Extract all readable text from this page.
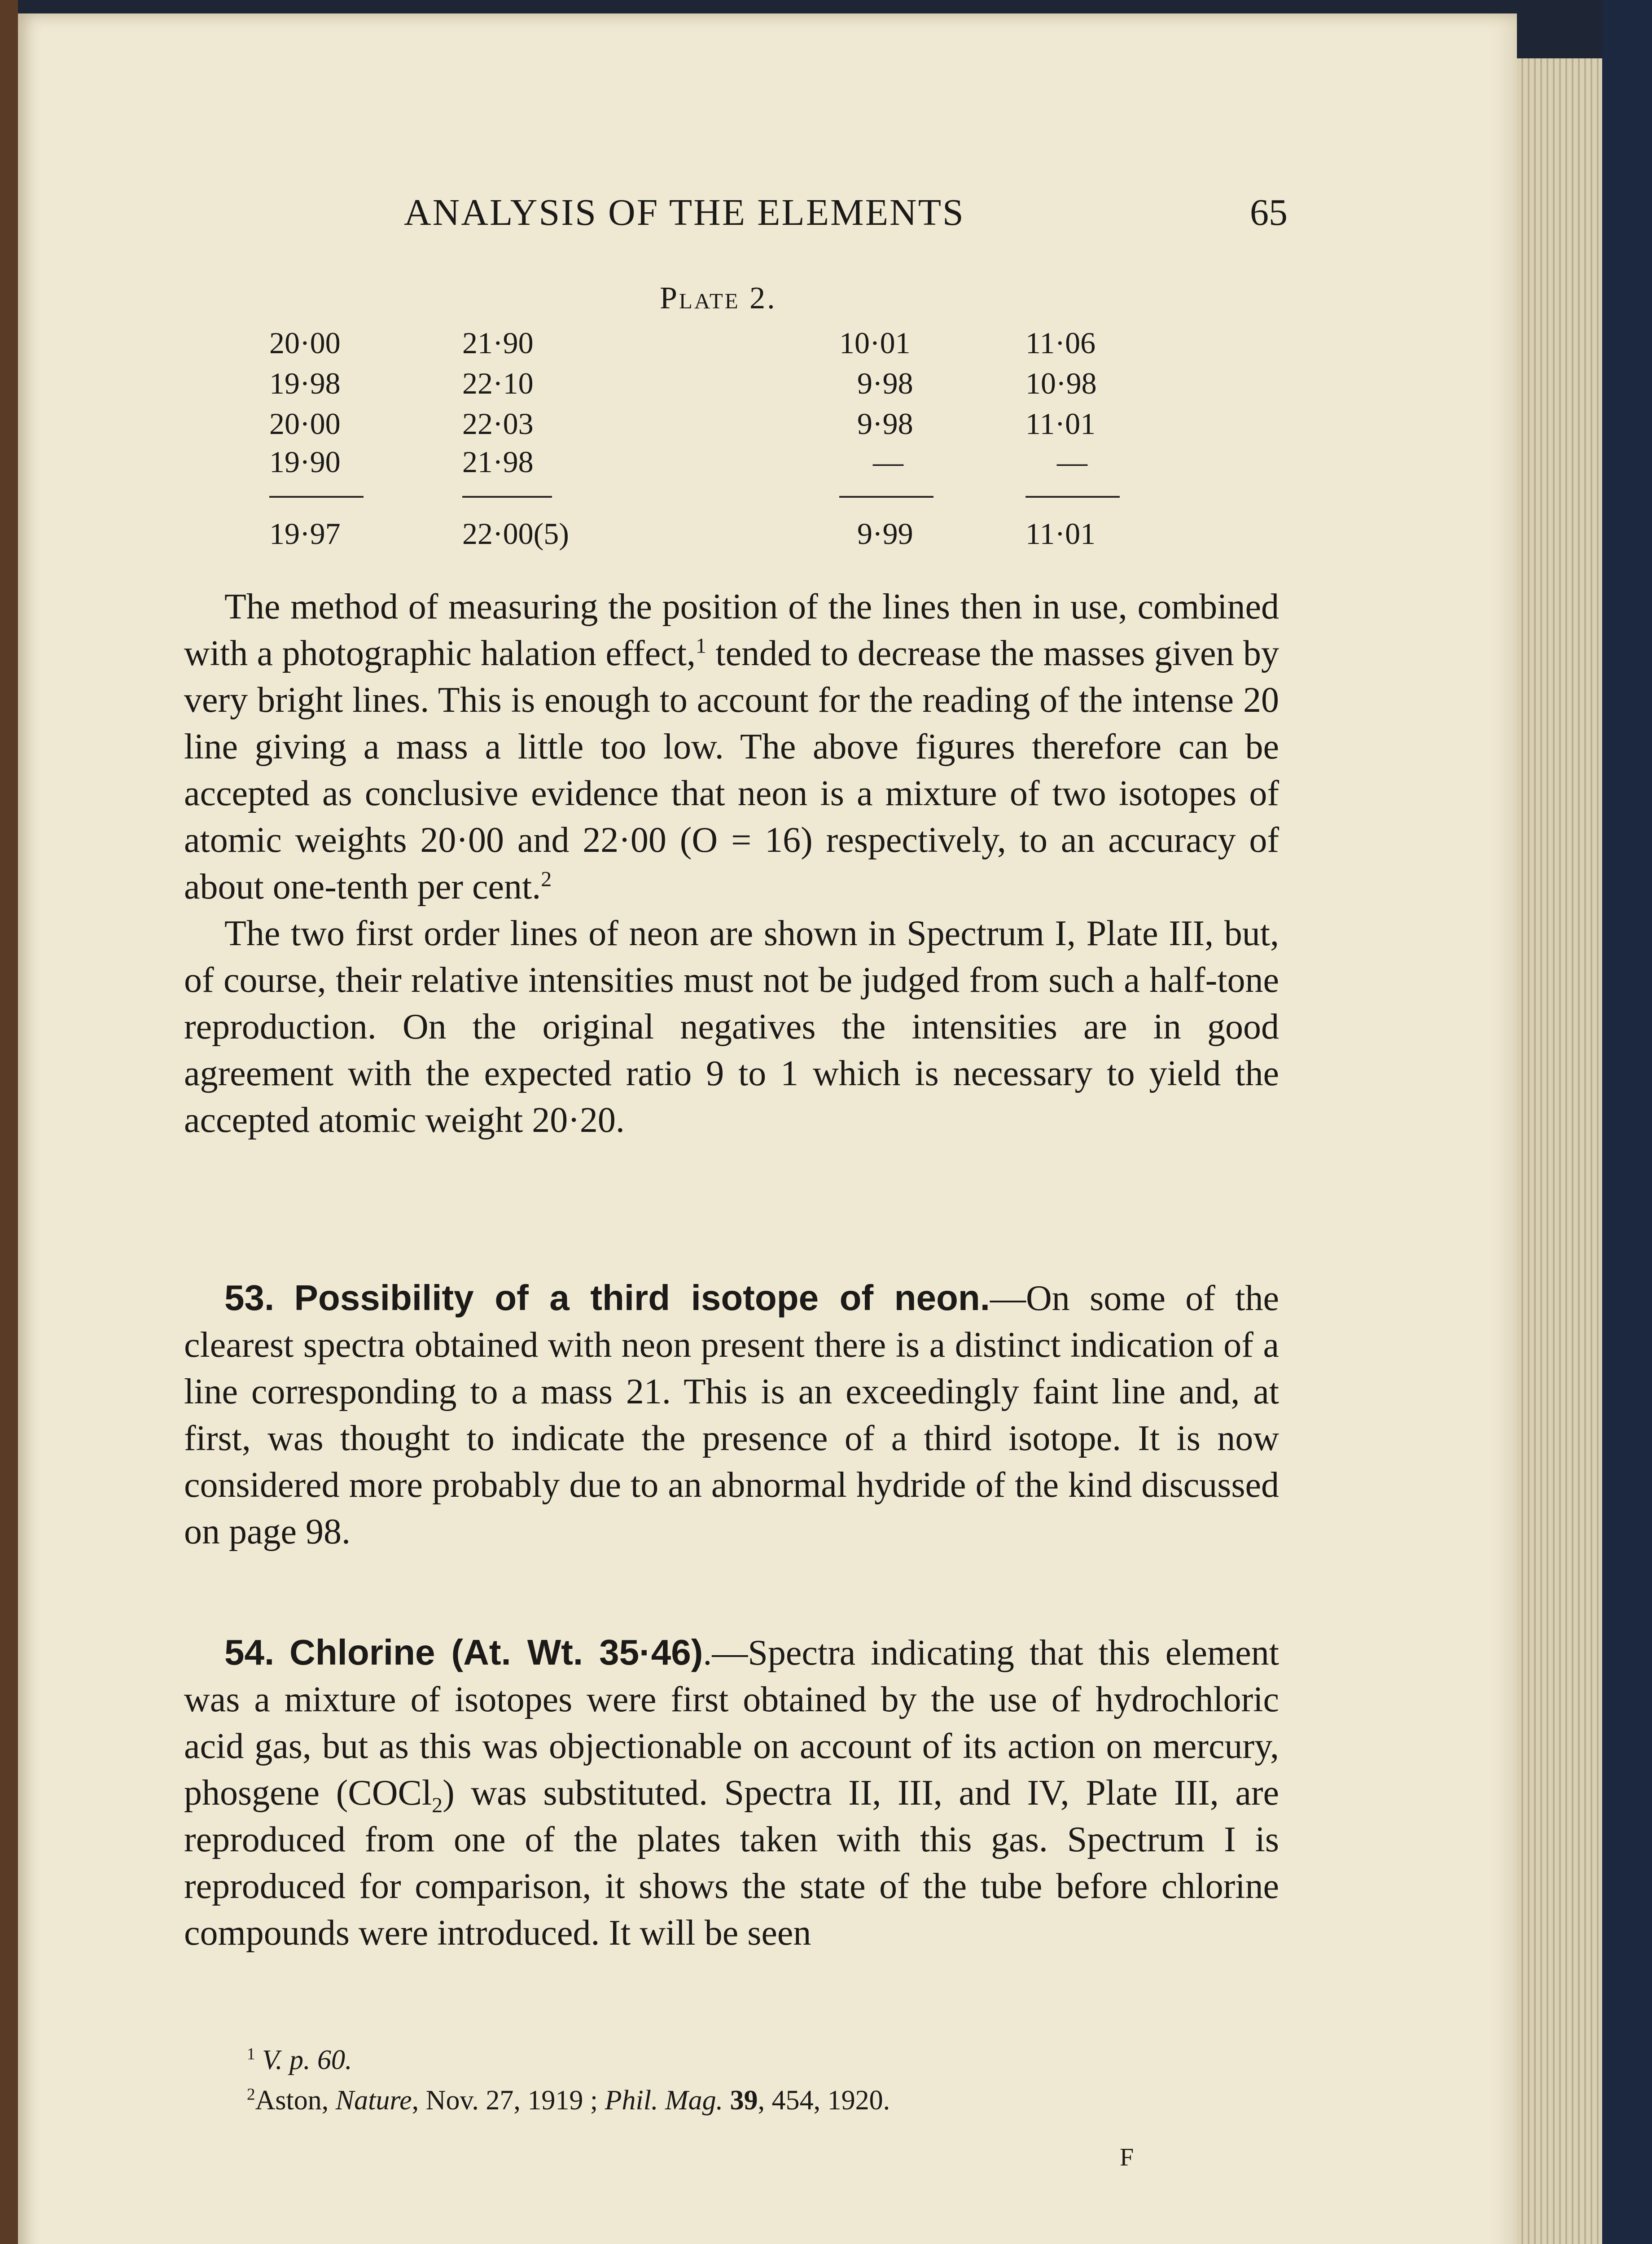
ANALYSIS OF THE ELEMENTS	65
Plate 2.
20·00	21·90	10·01	11·06
19·98	22·10	9·98	10·98
20·00	22·03	9·98	11·01
19·90	21·98	—	—
19·97	22·00(5)	9·99	11·01

The method of measuring the position of the lines then in use, combined with a photographic halation effect,$^1$ tended to decrease the masses given by very bright lines. This is enough to account for the reading of the intense 20 line giving a mass a little too low. The above figures therefore can be accepted as conclusive evidence that neon is a mixture of two isotopes of atomic weights 20·00 and 22·00 (O = 16) respectively, to an accuracy of about one-tenth per cent.$^2$

The two first order lines of neon are shown in Spectrum I, Plate III, but, of course, their relative intensities must not be judged from such a half-tone reproduction. On the original negatives the intensities are in good agreement with the expected ratio 9 to 1 which is necessary to yield the accepted atomic weight 20·20.

53. Possibility of a third isotope of neon.—On some of the clearest spectra obtained with neon present there is a distinct indication of a line corresponding to a mass 21. This is an exceedingly faint line and, at first, was thought to indicate the presence of a third isotope. It is now considered more probably due to an abnormal hydride of the kind discussed on page 98.

54. Chlorine (At. Wt. 35·46).—Spectra indicating that this element was a mixture of isotopes were first obtained by the use of hydrochloric acid gas, but as this was objectionable on account of its action on mercury, phosgene (COCl$_2$) was substituted. Spectra II, III, and IV, Plate III, are reproduced from one of the plates taken with this gas. Spectrum I is reproduced for comparison, it shows the state of the tube before chlorine compounds were introduced. It will be seen

$^1$ V. p. 60.
$^2$Aston, Nature, Nov. 27, 1919 ; Phil. Mag. 39, 454, 1920.
F
